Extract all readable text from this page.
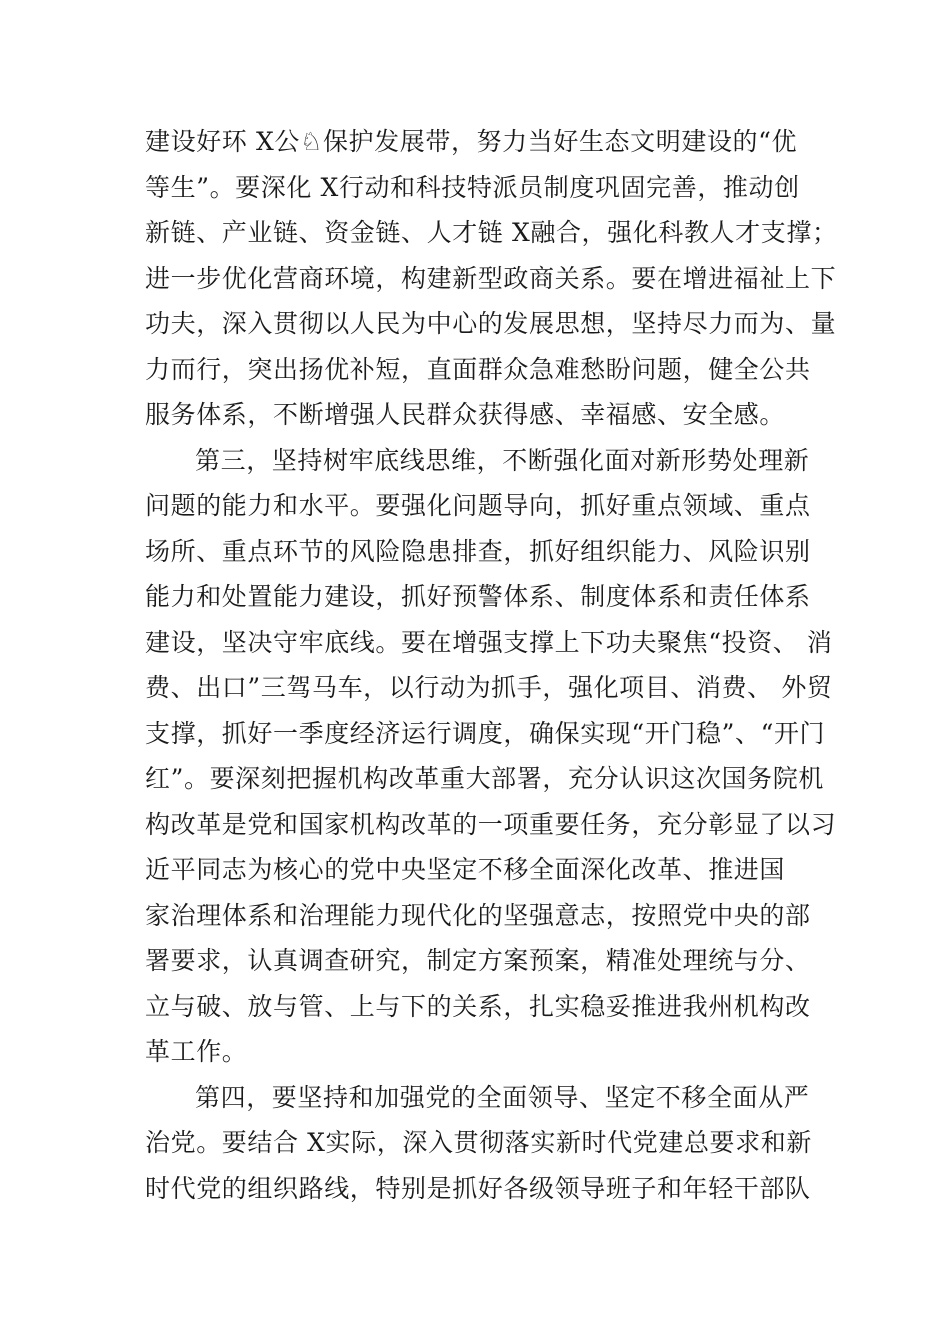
建设好环 X公♘保护发展带，努力当好生态文明建设的“优
等生”。要深化 X行动和科技特派员制度巩固完善，推动创
新链、产业链、资金链、人才链 X融合，强化科教人才支撑；
进一步优化营商环境，构建新型政商关系。要在增进福祉上下
功夫，深入贯彻以人民为中心的发展思想，坚持尽力而为、量
力而行，突出扬优补短，直面群众急难愁盼问题，健全公共
服务体系，不断增强人民群众获得感、幸福感、安全感。
第三，坚持树牢底线思维，不断强化面对新形势处理新
问题的能力和水平。要强化问题导向，抓好重点领域、重点
场所、重点环节的风险隐患排查，抓好组织能力、风险识别
能力和处置能力建设，抓好预警体系、制度体系和责任体系
建设，坚决守牢底线。要在增强支撑上下功夫聚焦“投资、 消
费、出口”三驾马车，以行动为抓手，强化项目、消费、 外贸
支撑，抓好一季度经济运行调度，确保实现“开门稳”、“开门
红”。要深刻把握机构改革重大部署，充分认识这次国务院机
构改革是党和国家机构改革的一项重要任务，充分彰显了以习
近平同志为核心的党中央坚定不移全面深化改革、推进国
家治理体系和治理能力现代化的坚强意志，按照党中央的部
署要求，认真调查研究，制定方案预案，精准处理统与分、
立与破、放与管、上与下的关系，扎实稳妥推进我州机构改
革工作。
第四，要坚持和加强党的全面领导、坚定不移全面从严
治党。要结合 X实际，深入贯彻落实新时代党建总要求和新
时代党的组织路线，特别是抓好各级领导班子和年轻干部队
